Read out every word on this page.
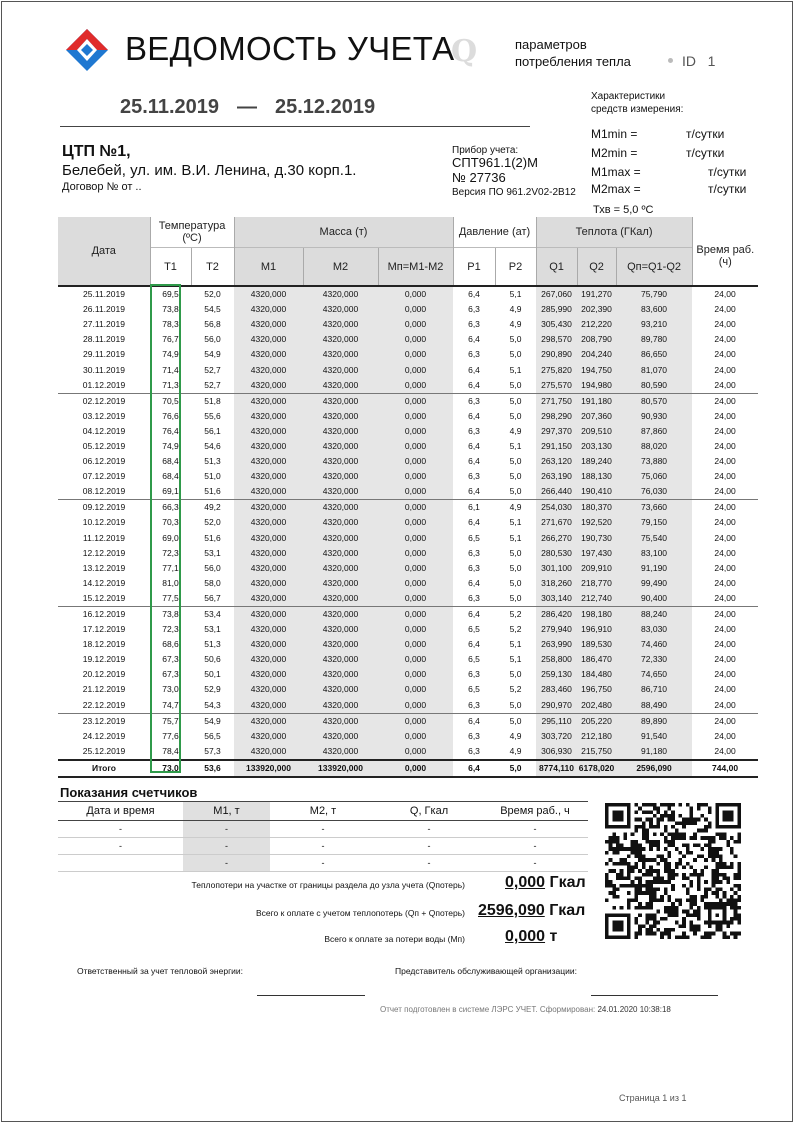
ВЕДОМОСТЬ УЧЕТА
Q	параметров
потребления тепла	ID 1
25.11.2019 — 25.12.2019	Характеристики
средств измерения:
M1min =	т/сутки
M2min =	т/сутки
M1max =	т/сутки
M2max =	т/сутки
Тхв = 5,0 ºС
ЦТП №1,
Белебей, ул. им. В.И. Ленина, д.30 корп.1.
Договор № от ..
Прибор учета:
СПТ961.1(2)М
№ 27736
Версия ПО 961.2V02-2В12
Дата	Температура (ºС)		Масса (т)			Давление (ат)		Теплота (ГКал)			Время раб.(ч)
	T1	T2	M1	M2	Мп=M1-M2	P1	P2	Q1	Q2	Qп=Q1-Q2	
25.11.2019	69,5	52,0	4320,000	4320,000	0,000	6,4	5,1	267,060	191,270	75,790	24,00
26.11.2019	73,8	54,5	4320,000	4320,000	0,000	6,3	4,9	285,990	202,390	83,600	24,00
27.11.2019	78,3	56,8	4320,000	4320,000	0,000	6,3	4,9	305,430	212,220	93,210	24,00
28.11.2019	76,7	56,0	4320,000	4320,000	0,000	6,4	5,0	298,570	208,790	89,780	24,00
29.11.2019	74,9	54,9	4320,000	4320,000	0,000	6,3	5,0	290,890	204,240	86,650	24,00
30.11.2019	71,4	52,7	4320,000	4320,000	0,000	6,4	5,1	275,820	194,750	81,070	24,00
01.12.2019	71,3	52,7	4320,000	4320,000	0,000	6,4	5,0	275,570	194,980	80,590	24,00
02.12.2019	70,5	51,8	4320,000	4320,000	0,000	6,3	5,0	271,750	191,180	80,570	24,00
03.12.2019	76,6	55,6	4320,000	4320,000	0,000	6,4	5,0	298,290	207,360	90,930	24,00
04.12.2019	76,4	56,1	4320,000	4320,000	0,000	6,3	4,9	297,370	209,510	87,860	24,00
05.12.2019	74,9	54,6	4320,000	4320,000	0,000	6,4	5,1	291,150	203,130	88,020	24,00
06.12.2019	68,4	51,3	4320,000	4320,000	0,000	6,4	5,0	263,120	189,240	73,880	24,00
07.12.2019	68,4	51,0	4320,000	4320,000	0,000	6,3	5,0	263,190	188,130	75,060	24,00
08.12.2019	69,1	51,6	4320,000	4320,000	0,000	6,4	5,0	266,440	190,410	76,030	24,00
09.12.2019	66,3	49,2	4320,000	4320,000	0,000	6,1	4,9	254,030	180,370	73,660	24,00
10.12.2019	70,3	52,0	4320,000	4320,000	0,000	6,4	5,1	271,670	192,520	79,150	24,00
11.12.2019	69,0	51,6	4320,000	4320,000	0,000	6,5	5,1	266,270	190,730	75,540	24,00
12.12.2019	72,3	53,1	4320,000	4320,000	0,000	6,3	5,0	280,530	197,430	83,100	24,00
13.12.2019	77,1	56,0	4320,000	4320,000	0,000	6,3	5,0	301,100	209,910	91,190	24,00
14.12.2019	81,0	58,0	4320,000	4320,000	0,000	6,4	5,0	318,260	218,770	99,490	24,00
15.12.2019	77,5	56,7	4320,000	4320,000	0,000	6,3	5,0	303,140	212,740	90,400	24,00
16.12.2019	73,8	53,4	4320,000	4320,000	0,000	6,4	5,2	286,420	198,180	88,240	24,00
17.12.2019	72,3	53,1	4320,000	4320,000	0,000	6,5	5,2	279,940	196,910	83,030	24,00
18.12.2019	68,6	51,3	4320,000	4320,000	0,000	6,4	5,1	263,990	189,530	74,460	24,00
19.12.2019	67,3	50,6	4320,000	4320,000	0,000	6,5	5,1	258,800	186,470	72,330	24,00
20.12.2019	67,3	50,1	4320,000	4320,000	0,000	6,3	5,0	259,130	184,480	74,650	24,00
21.12.2019	73,0	52,9	4320,000	4320,000	0,000	6,5	5,2	283,460	196,750	86,710	24,00
22.12.2019	74,7	54,3	4320,000	4320,000	0,000	6,3	5,0	290,970	202,480	88,490	24,00
23.12.2019	75,7	54,9	4320,000	4320,000	0,000	6,4	5,0	295,110	205,220	89,890	24,00
24.12.2019	77,6	56,5	4320,000	4320,000	0,000	6,3	4,9	303,720	212,180	91,540	24,00
25.12.2019	78,4	57,3	4320,000	4320,000	0,000	6,3	4,9	306,930	215,750	91,180	24,00
Итого	73,0	53,6	133920,000	133920,000	0,000	6,4	5,0	8774,110	6178,020	2596,090	744,00
Показания счетчиков
Дата и время	M1, т	M2, т	Q, Гкал	Время раб., ч
-	-	-	-	-
-	-	-	-	-
	-	-	-	-
Теплопотери на участке от границы раздела до узла учета (Qпотерь)	0,000 Гкал
Всего к оплате с учетом теплопотерь (Qп + Qпотерь) 2596,090 Гкал
Всего к оплате за потери воды (Мп)	0,000 т
Ответственный за учет тепловой энергии:	Представитель обслуживающей организации:
Отчет подготовлен в системе ЛЭРС УЧЕТ. Сформирован: 24.01.2020 10:38:18
Страница 1 из 1
